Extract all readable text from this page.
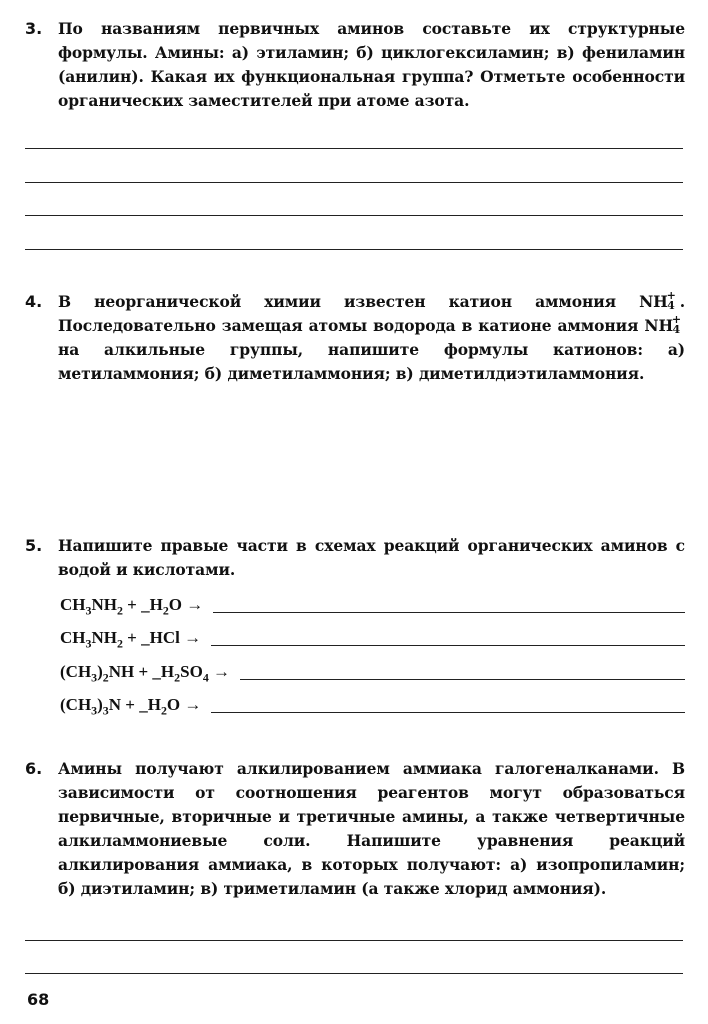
3. По названиям первичных аминов составьте их структурные формулы. Амины: а) этиламин; б) циклогексиламин; в) фениламин (анилин). Какая их функциональная группа? Отметьте особенности органических заместителей при атоме азота.
4. В неорганической химии известен катион аммония NH
+
4 . Последовательно замещая атомы водорода в катионе аммония NH
+
4
на алкильные группы, напишите формулы катионов: а) метиламмония; б) диметиламмония; в) диметилдиэтиламмония.
5. Напишите правые части в схемах реакций органических аминов с водой и кислотами.
$CH_3NH_2$ + $\_H_2O$ →
$CH_3NH_2$ + _HCl →
$(CH_3)_2NH$ + $\_H_2SO_4$ →
$(CH_3)_3N$ + $\_H_2O$ →
6. Амины получают алкилированием аммиака галогеналканами. В зависимости от соотношения реагентов могут образоваться первичные, вторичные и третичные амины, а также четвертичные алкиламмониевые соли. Напишите уравнения реакций алкилирования аммиака, в которых получают: а) изопропиламин; б) диэтиламин; в) триметиламин (а также хлорид аммония).
68
